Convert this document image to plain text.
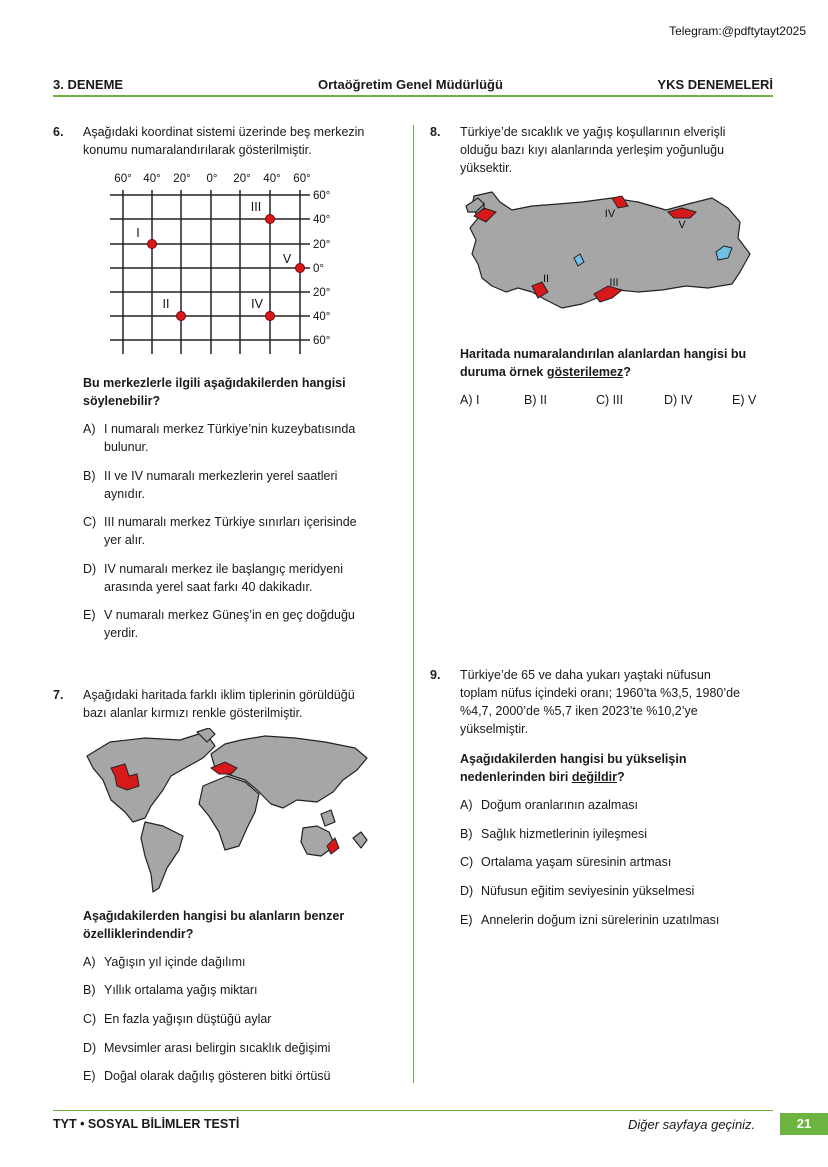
Telegram:@pdftytayt2025
3. DENEME	Ortaöğretim Genel Müdürlüğü	YKS DENEMELERİ
6. Aşağıdaki koordinat sistemi üzerinde beş merkezin
konumu numaralandırılarak gösterilmiştir.
60° 40° 20° 0° 20° 40° 60°
60°
40°
20°
0°
20°
40°
60°
I
II
III
IV
V
Bu merkezlerle ilgili aşağıdakilerden hangisi
söylenebilir?
A) I numaralı merkez Türkiye’nin kuzeybatısında
bulunur.
B) II ve IV numaralı merkezlerin yerel saatleri
aynıdır.
C) III numaralı merkez Türkiye sınırları içerisinde
yer alır.
D) IV numaralı merkez ile başlangıç meridyeni
arasında yerel saat farkı 40 dakikadır.
E) V numaralı merkez Güneş’in en geç doğduğu
yerdir.
7. Aşağıdaki haritada farklı iklim tiplerinin görüldüğü
bazı alanlar kırmızı renkle gösterilmiştir.
Aşağıdakilerden hangisi bu alanların benzer
özelliklerindendir?
A) Yağışın yıl içinde dağılımı
B) Yıllık ortalama yağış miktarı
C) En fazla yağışın düştüğü aylar
D) Mevsimler arası belirgin sıcaklık değişimi
E) Doğal olarak dağılış gösteren bitki örtüsü
8. Türkiye’de sıcaklık ve yağış koşullarının elverişli
olduğu bazı kıyı alanlarında yerleşim yoğunluğu
yüksektir.
I
II	III
IV
V
Haritada numaralandırılan alanlardan hangisi bu
duruma örnek gösterilemez?
A) I	B) II	C) III	D) IV	E) V
9. Türkiye’de 65 ve daha yukarı yaştaki nüfusun
toplam nüfus içindeki oranı; 1960’ta %3,5, 1980’de
%4,7, 2000’de %5,7 iken 2023’te %10,2’ye
yükselmiştir.
Aşağıdakilerden hangisi bu yükselişin
nedenlerinden biri değildir?
A) Doğum oranlarının azalması
B) Sağlık hizmetlerinin iyileşmesi
C) Ortalama yaşam süresinin artması
D) Nüfusun eğitim seviyesinin yükselmesi
E) Annelerin doğum izni sürelerinin uzatılması
TYT • SOSYAL BİLİMLER TESTİ	Diğer sayfaya geçiniz.	21
